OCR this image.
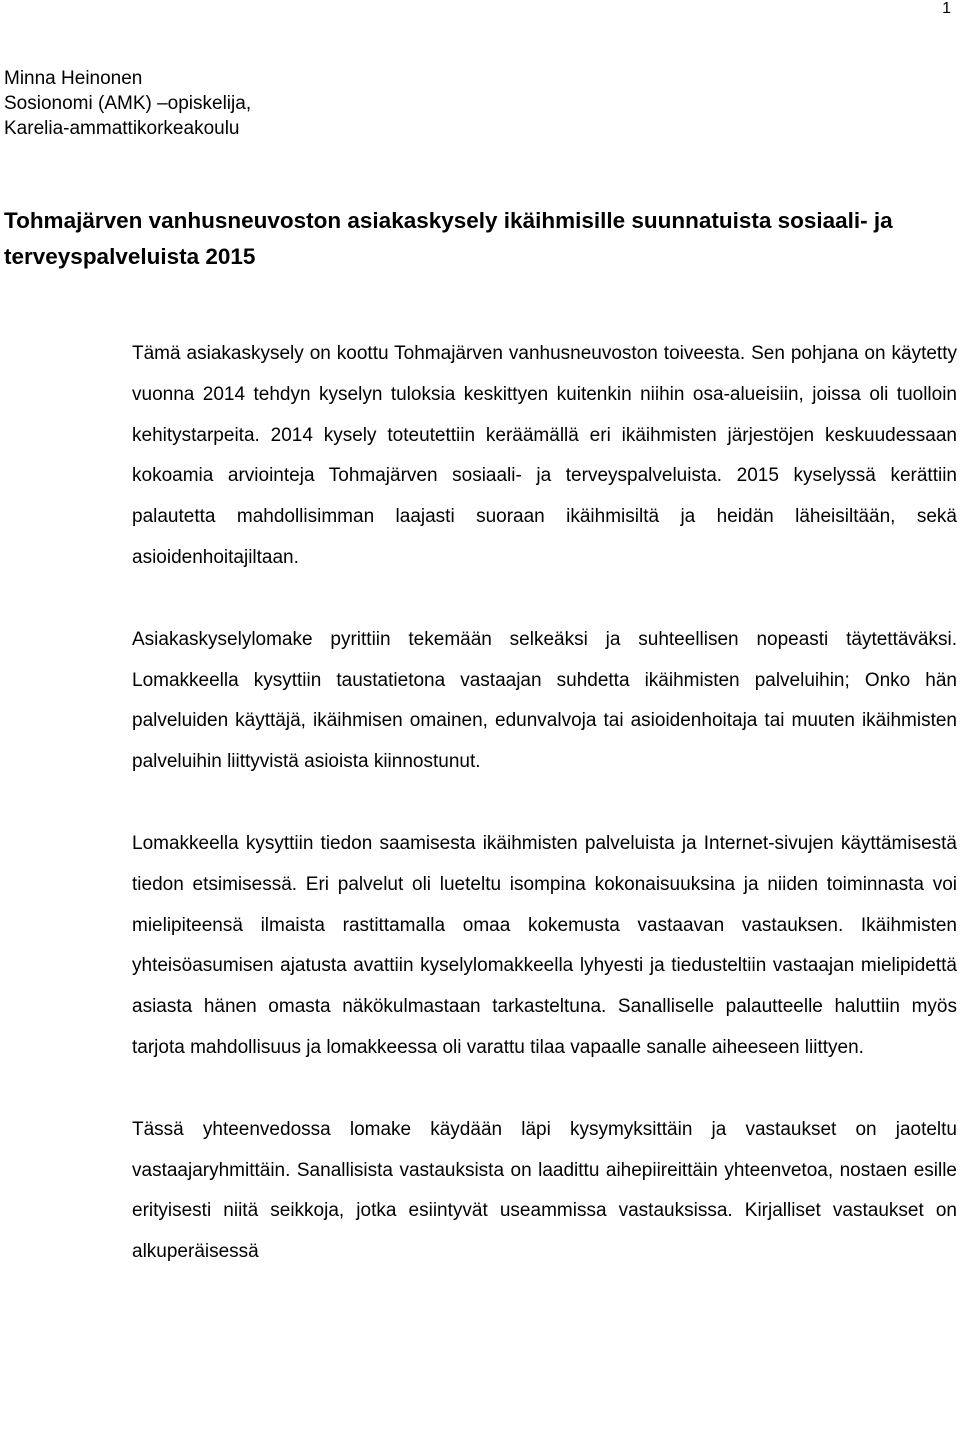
1
Minna Heinonen
Sosionomi (AMK) –opiskelija,
Karelia-ammattikorkeakoulu
Tohmajärven vanhusneuvoston asiakaskysely ikäihmisille suunnatuista sosiaali- ja terveyspalveluista 2015

Tämä asiakaskysely on koottu Tohmajärven vanhusneuvoston toiveesta. Sen pohjana on käytetty vuonna 2014 tehdyn kyselyn tuloksia keskittyen kuitenkin niihin osa-alueisiin, joissa oli tuolloin kehitystarpeita. 2014 kysely toteutettiin keräämällä eri ikäihmisten järjestöjen keskuudessaan kokoamia arviointeja Tohmajärven sosiaali- ja terveyspalveluista. 2015 kyselyssä kerättiin palautetta mahdollisimman laajasti suoraan ikäihmisiltä ja heidän läheisiltään, sekä asioidenhoitajiltaan.

Asiakaskyselylomake pyrittiin tekemään selkeäksi ja suhteellisen nopeasti täytettäväksi. Lomakkeella kysyttiin taustatietona vastaajan suhdetta ikäihmisten palveluihin; Onko hän palveluiden käyttäjä, ikäihmisen omainen, edunvalvoja tai asioidenhoitaja tai muuten ikäihmisten palveluihin liittyvistä asioista kiinnostunut.

Lomakkeella kysyttiin tiedon saamisesta ikäihmisten palveluista ja Internet-sivujen käyttämisestä tiedon etsimisessä. Eri palvelut oli lueteltu isompina kokonaisuuksina ja niiden toiminnasta voi mielipiteensä ilmaista rastittamalla omaa kokemusta vastaavan vastauksen. Ikäihmisten yhteisöasumisen ajatusta avattiin kyselylomakkeella lyhyesti ja tiedusteltiin vastaajan mielipidettä asiasta hänen omasta näkökulmastaan tarkasteltuna. Sanalliselle palautteelle haluttiin myös tarjota mahdollisuus ja lomakkeessa oli varattu tilaa vapaalle sanalle aiheeseen liittyen.

Tässä yhteenvedossa lomake käydään läpi kysymyksittäin ja vastaukset on jaoteltu vastaajaryhmittäin. Sanallisista vastauksista on laadittu aihepiireittäin yhteenvetoa, nostaen esille erityisesti niitä seikkoja, jotka esiintyvät useammissa vastauksissa. Kirjalliset vastaukset on alkuperäisessä
